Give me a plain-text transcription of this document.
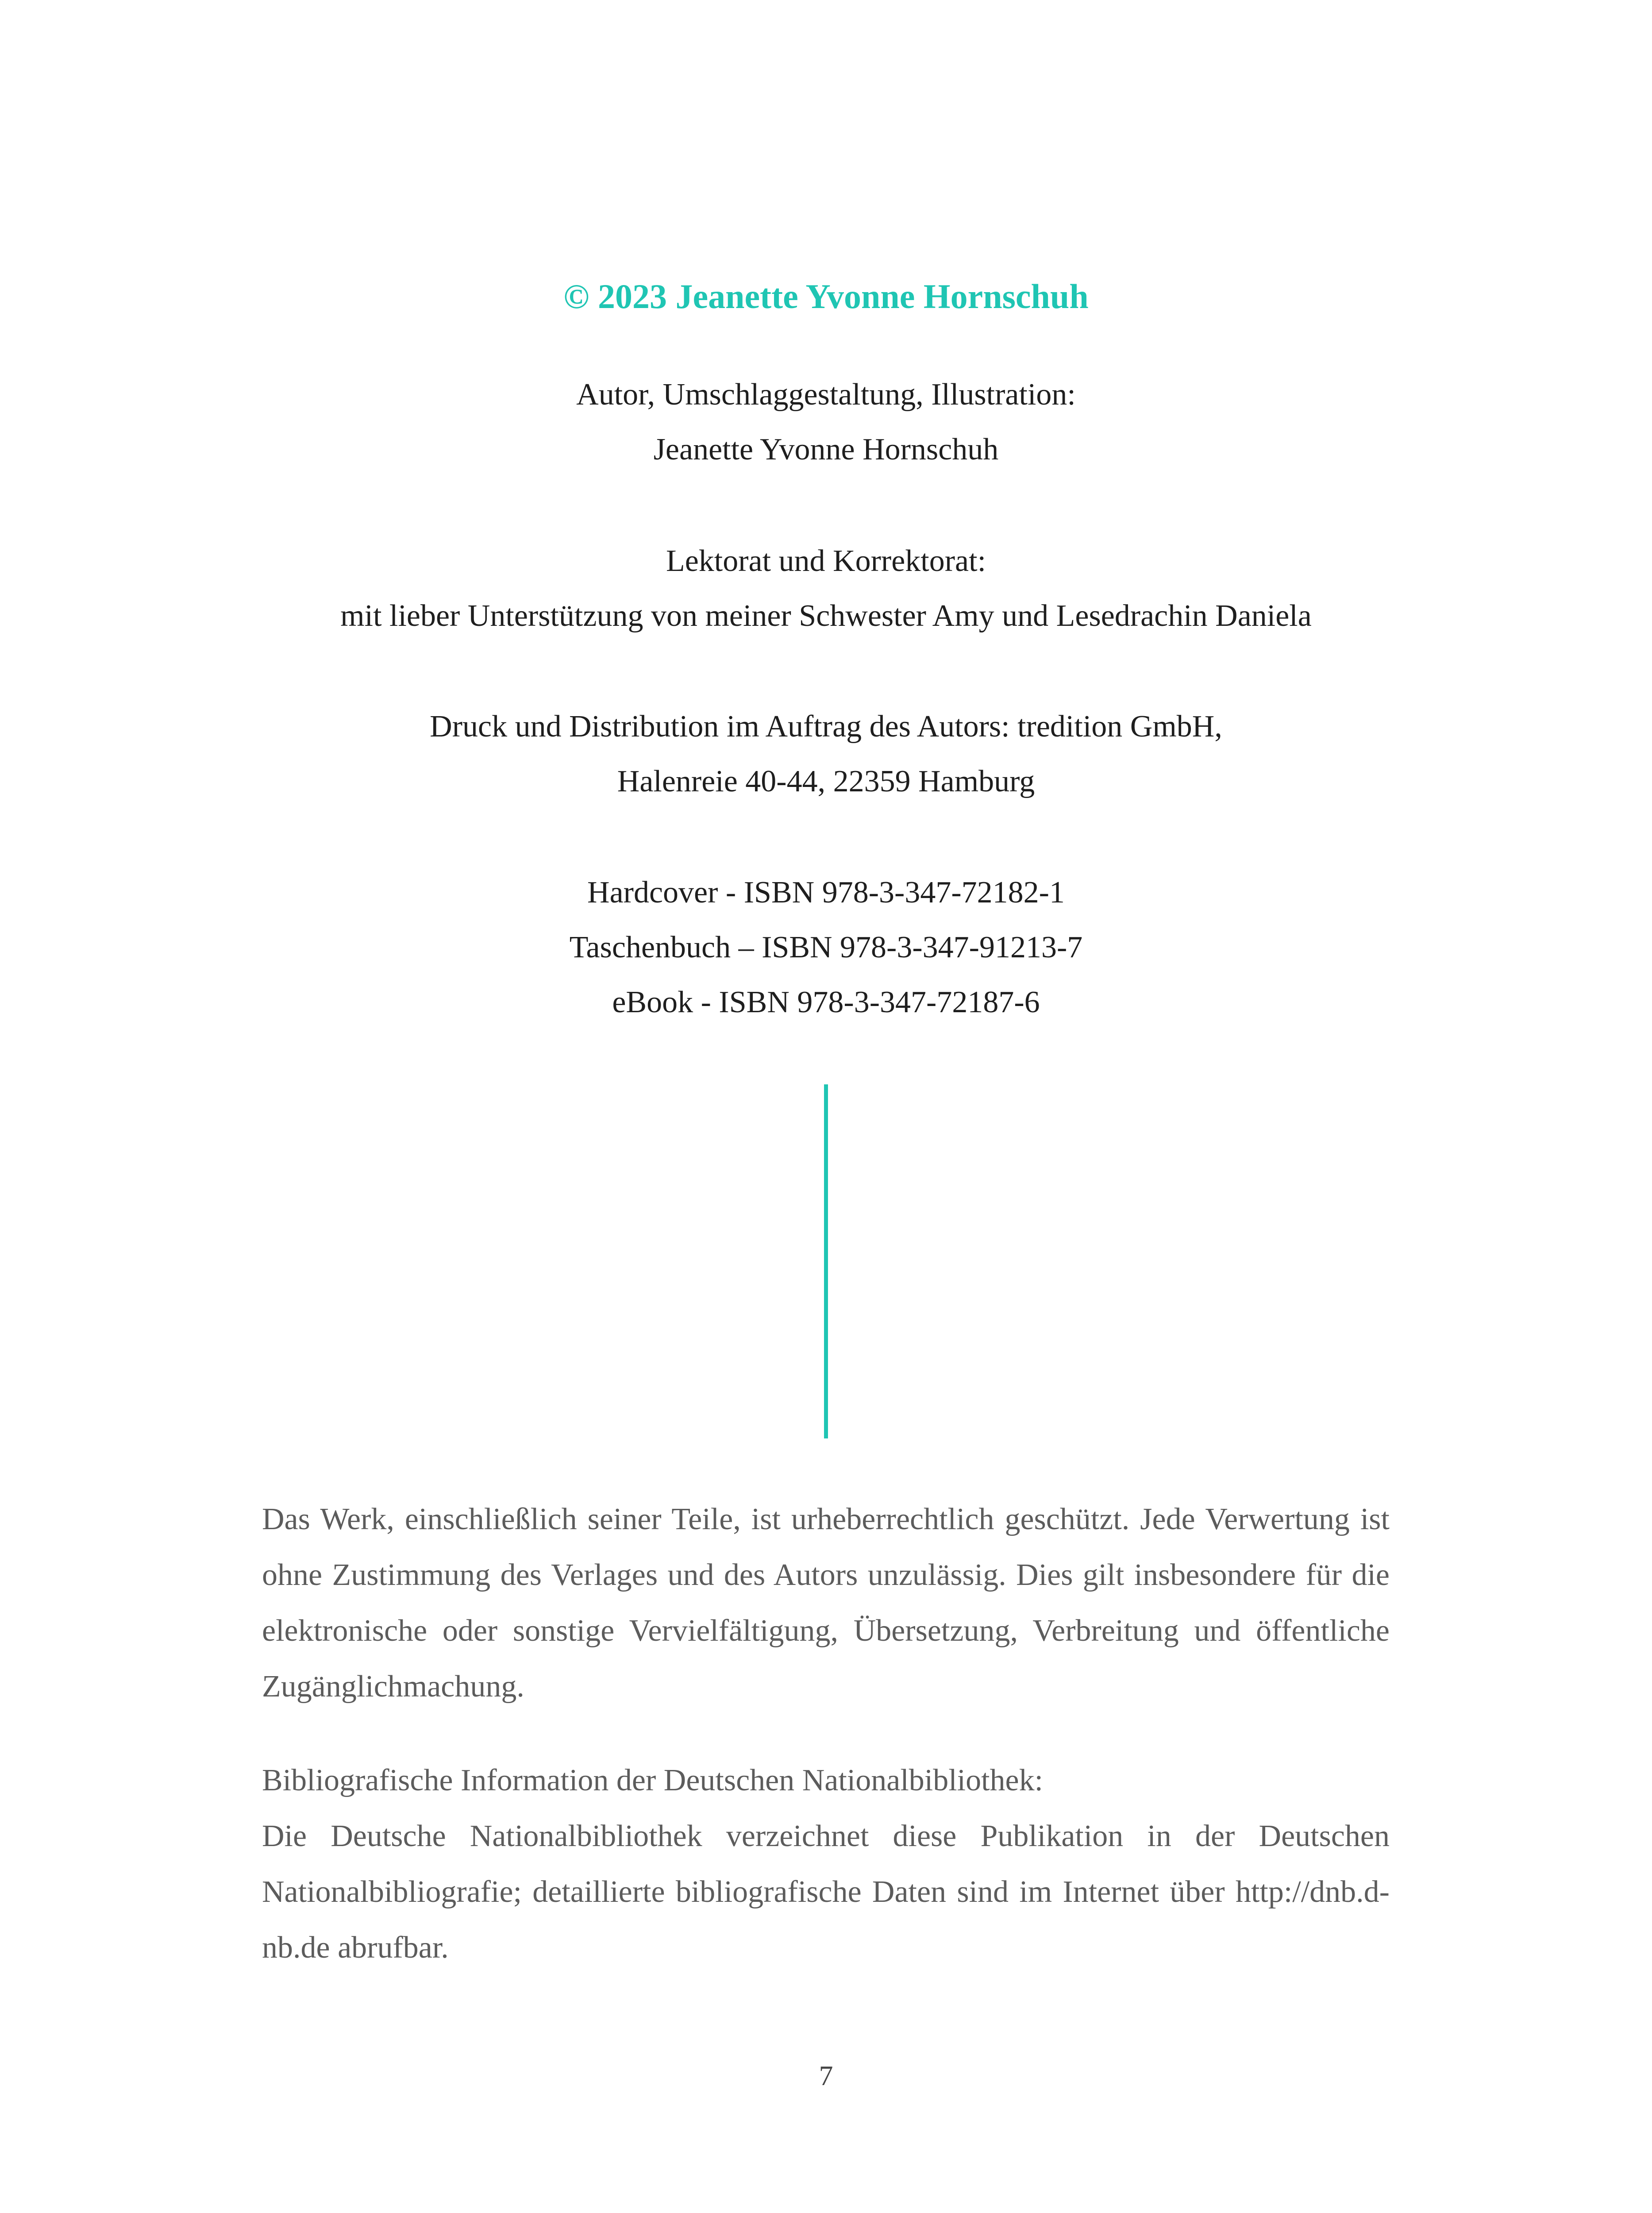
© 2023 Jeanette Yvonne Hornschuh
Autor, Umschlaggestaltung, Illustration:
Jeanette Yvonne Hornschuh
Lektorat und Korrektorat:
mit lieber Unterstützung von meiner Schwester Amy und Lesedrachin Daniela
Druck und Distribution im Auftrag des Autors: tredition GmbH,
Halenreie 40-44, 22359 Hamburg
Hardcover - ISBN 978-3-347-72182-1
Taschenbuch – ISBN 978-3-347-91213-7
eBook - ISBN 978-3-347-72187-6

Das Werk, einschließlich seiner Teile, ist urheberrechtlich geschützt. Jede Verwertung ist ohne Zustimmung des Verlages und des Autors unzulässig. Dies gilt insbesondere für die elektronische oder sonstige Vervielfältigung, Übersetzung, Verbreitung und öffentliche Zugänglichmachung.

Bibliografische Information der Deutschen Nationalbibliothek:

Die Deutsche Nationalbibliothek verzeichnet diese Publikation in der Deutschen Nationalbibliografie; detaillierte bibliografische Daten sind im Internet über http://dnb.d-nb.de abrufbar.

7
